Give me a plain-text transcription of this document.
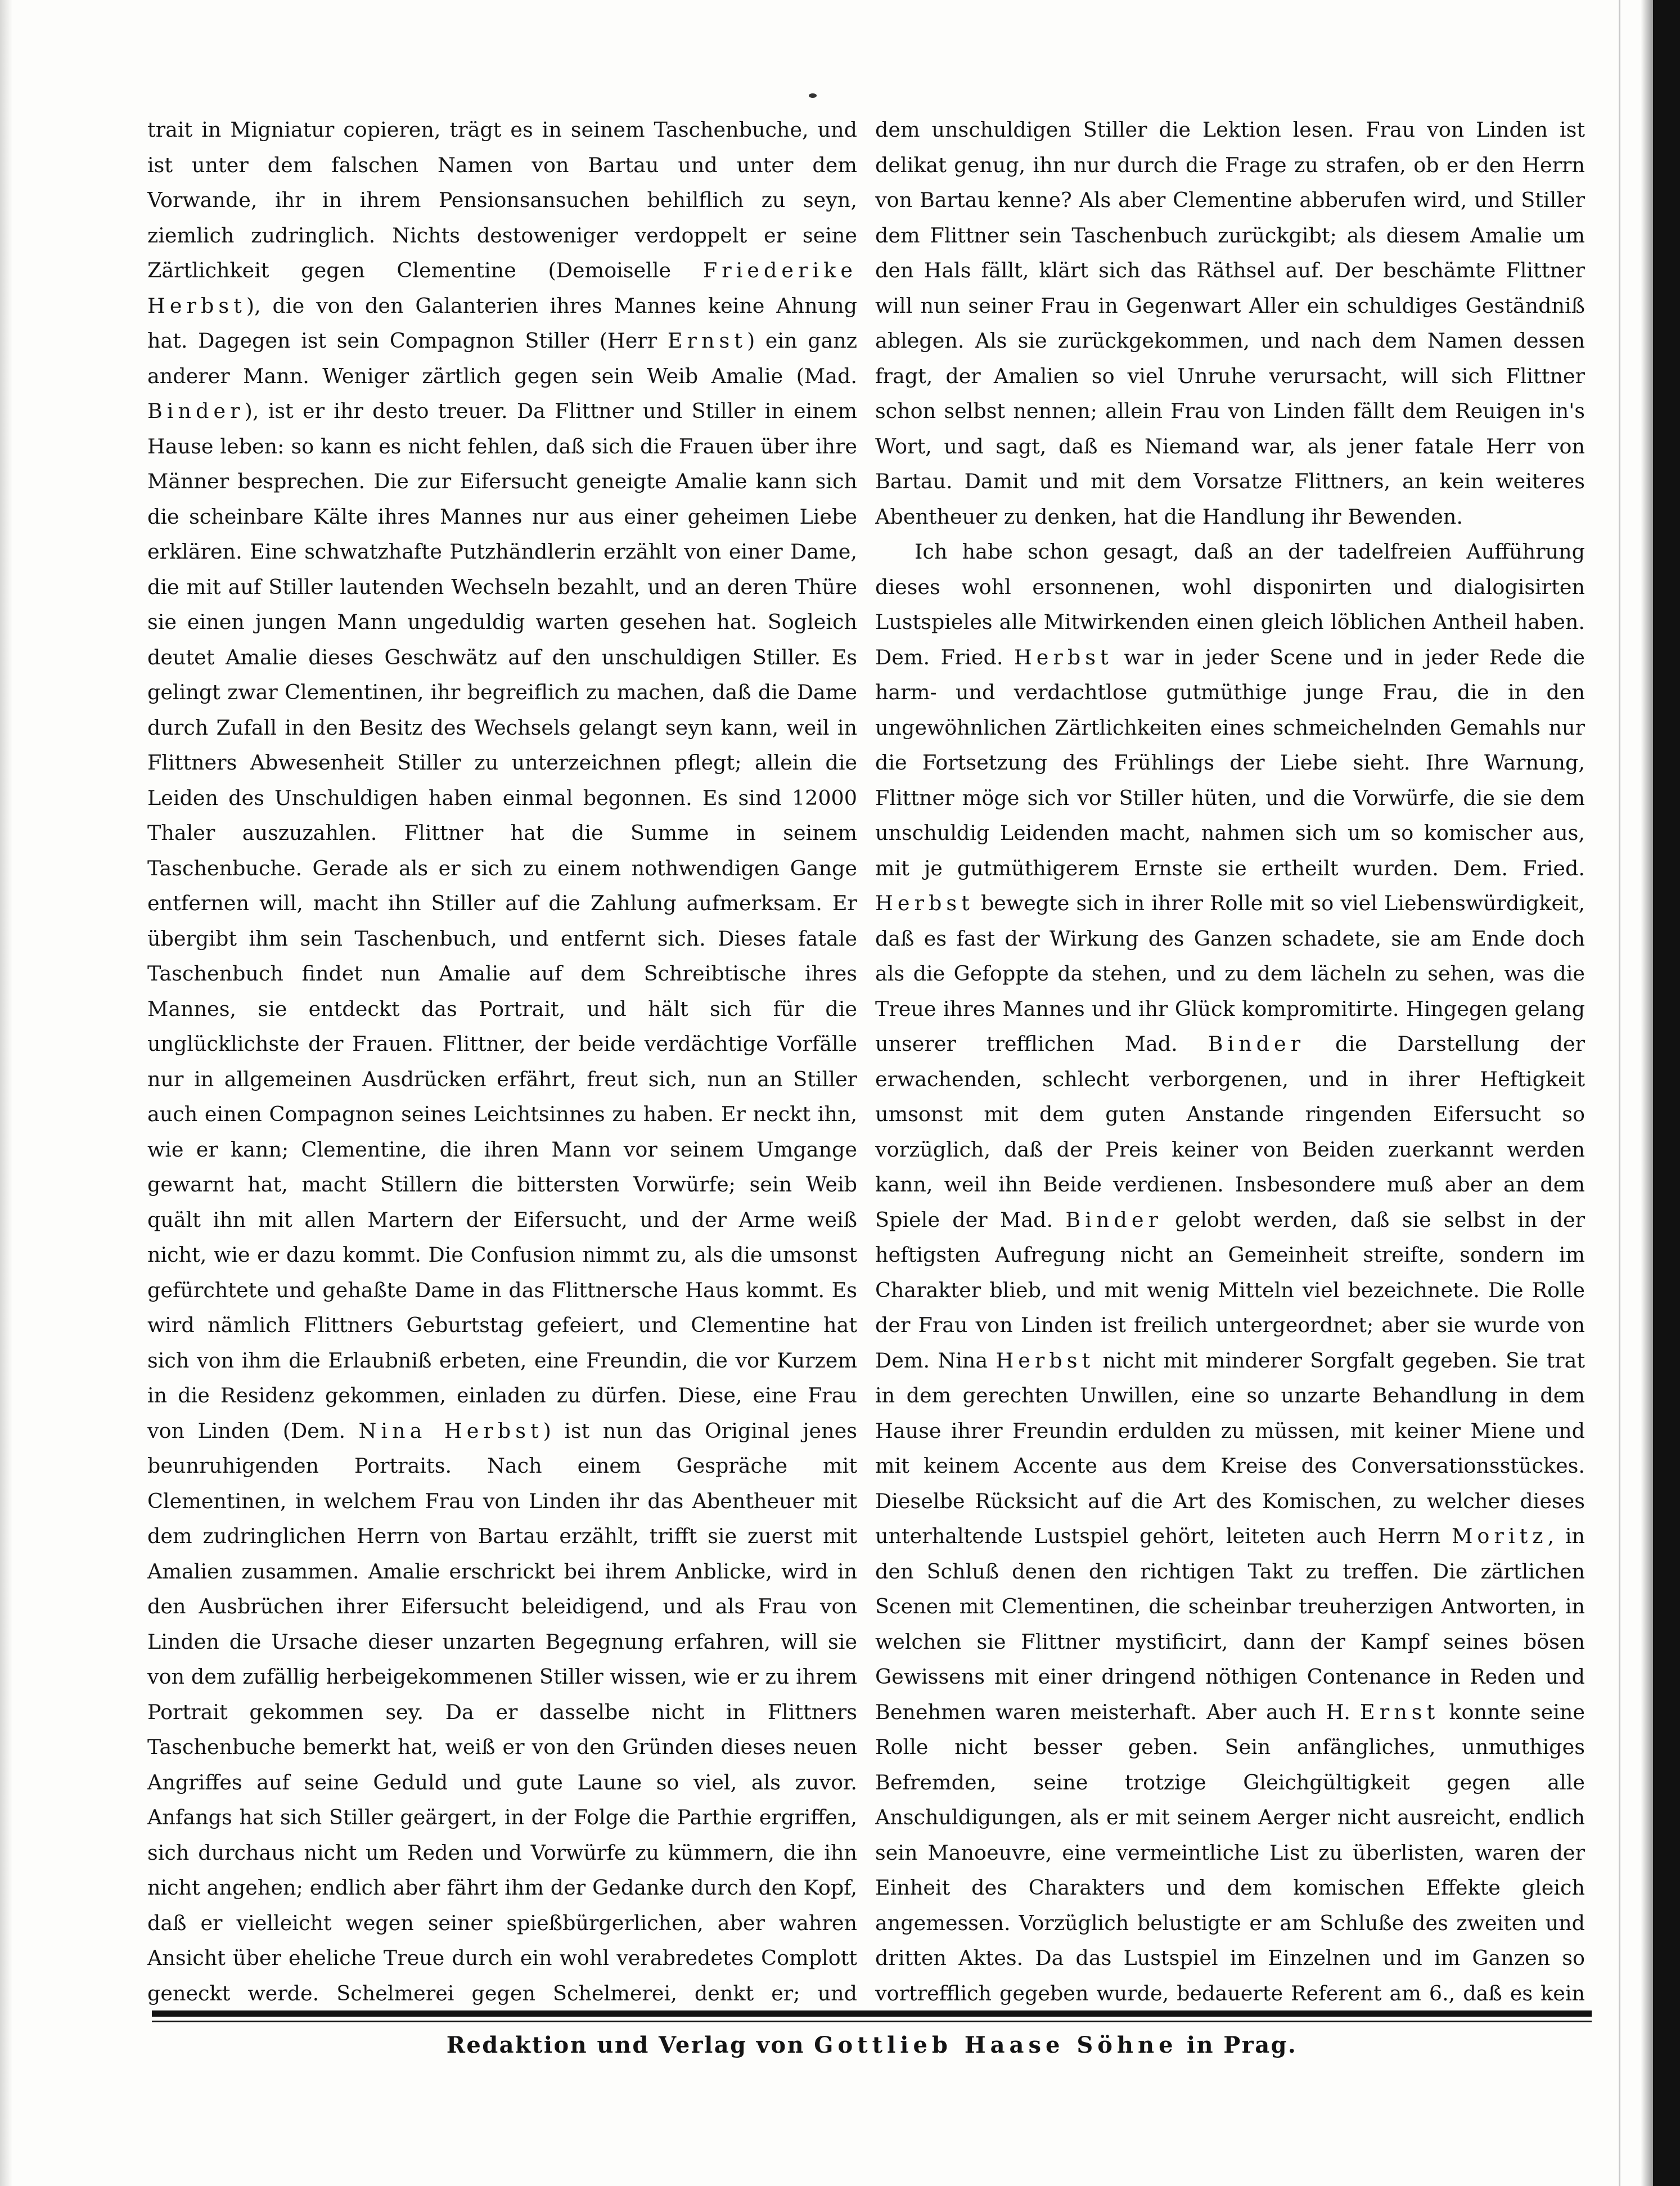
trait in Migniatur copieren, trägt es in seinem Taschenbuche, und ist unter dem falschen Namen von Bartau und unter dem Vorwande, ihr in ihrem Pensionsansuchen behilflich zu seyn, ziemlich zudringlich. Nichts destoweniger verdoppelt er seine Zärtlichkeit gegen Clementine (Demoiselle Friederike Herbst), die von den Galanterien ihres Mannes keine Ahnung hat. Dagegen ist sein Compagnon Stiller (Herr Ernst) ein ganz anderer Mann. Weniger zärtlich gegen sein Weib Amalie (Mad. Binder), ist er ihr desto treuer. Da Flittner und Stiller in einem Hause leben: so kann es nicht fehlen, daß sich die Frauen über ihre Männer besprechen. Die zur Eifersucht geneigte Amalie kann sich die scheinbare Kälte ihres Mannes nur aus einer geheimen Liebe erklären. Eine schwatzhafte Putzhändlerin erzählt von einer Dame, die mit auf Stiller lautenden Wechseln bezahlt, und an deren Thüre sie einen jungen Mann ungeduldig warten gesehen hat. Sogleich deutet Amalie dieses Geschwätz auf den unschuldigen Stiller. Es gelingt zwar Clementinen, ihr begreiflich zu machen, daß die Dame durch Zufall in den Besitz des Wechsels gelangt seyn kann, weil in Flittners Abwesenheit Stiller zu unterzeichnen pflegt; allein die Leiden des Unschuldigen haben einmal begonnen. Es sind 12000 Thaler auszuzahlen. Flittner hat die Summe in seinem Taschenbuche. Gerade als er sich zu einem nothwendigen Gange entfernen will, macht ihn Stiller auf die Zahlung aufmerksam. Er übergibt ihm sein Taschenbuch, und entfernt sich. Dieses fatale Taschenbuch findet nun Amalie auf dem Schreibtische ihres Mannes, sie entdeckt das Portrait, und hält sich für die unglücklichste der Frauen. Flittner, der beide verdächtige Vorfälle nur in allgemeinen Ausdrücken erfährt, freut sich, nun an Stiller auch einen Compagnon seines Leichtsinnes zu haben. Er neckt ihn, wie er kann; Clementine, die ihren Mann vor seinem Umgange gewarnt hat, macht Stillern die bittersten Vorwürfe; sein Weib quält ihn mit allen Martern der Eifersucht, und der Arme weiß nicht, wie er dazu kommt. Die Confusion nimmt zu, als die umsonst gefürchtete und gehaßte Dame in das Flittnersche Haus kommt. Es wird nämlich Flittners Geburtstag gefeiert, und Clementine hat sich von ihm die Erlaubniß erbeten, eine Freundin, die vor Kurzem in die Residenz gekommen, einladen zu dürfen. Diese, eine Frau von Linden (Dem. Nina Herbst) ist nun das Original jenes beunruhigenden Portraits. Nach einem Gespräche mit Clementinen, in welchem Frau von Linden ihr das Abentheuer mit dem zudringlichen Herrn von Bartau erzählt, trifft sie zuerst mit Amalien zusammen. Amalie erschrickt bei ihrem Anblicke, wird in den Ausbrüchen ihrer Eifersucht beleidigend, und als Frau von Linden die Ursache dieser unzarten Begegnung erfahren, will sie von dem zufällig herbeigekommenen Stiller wissen, wie er zu ihrem Portrait gekommen sey. Da er dasselbe nicht in Flittners Taschenbuche bemerkt hat, weiß er von den Gründen dieses neuen Angriffes auf seine Geduld und gute Laune so viel, als zuvor. Anfangs hat sich Stiller geärgert, in der Folge die Parthie ergriffen, sich durchaus nicht um Reden und Vorwürfe zu kümmern, die ihn nicht angehen; endlich aber fährt ihm der Gedanke durch den Kopf, daß er vielleicht wegen seiner spießbürgerlichen, aber wahren Ansicht über eheliche Treue durch ein wohl verabredetes Complott geneckt werde. Schelmerei gegen Schelmerei, denkt er; und

dem unschuldigen Stiller die Lektion lesen. Frau von Linden ist delikat genug, ihn nur durch die Frage zu strafen, ob er den Herrn von Bartau kenne? Als aber Clementine abberufen wird, und Stiller dem Flittner sein Taschenbuch zurückgibt; als diesem Amalie um den Hals fällt, klärt sich das Räthsel auf. Der beschämte Flittner will nun seiner Frau in Gegenwart Aller ein schuldiges Geständniß ablegen. Als sie zurückgekommen, und nach dem Namen dessen fragt, der Amalien so viel Unruhe verursacht, will sich Flittner schon selbst nennen; allein Frau von Linden fällt dem Reuigen in's Wort, und sagt, daß es Niemand war, als jener fatale Herr von Bartau. Damit und mit dem Vorsatze Flittners, an kein weiteres Abentheuer zu denken, hat die Handlung ihr Bewenden.

Ich habe schon gesagt, daß an der tadelfreien Aufführung dieses wohl ersonnenen, wohl disponirten und dialogisirten Lustspieles alle Mitwirkenden einen gleich löblichen Antheil haben. Dem. Fried. Herbst war in jeder Scene und in jeder Rede die harm- und verdachtlose gutmüthige junge Frau, die in den ungewöhnlichen Zärtlichkeiten eines schmeichelnden Gemahls nur die Fortsetzung des Frühlings der Liebe sieht. Ihre Warnung, Flittner möge sich vor Stiller hüten, und die Vorwürfe, die sie dem unschuldig Leidenden macht, nahmen sich um so komischer aus, mit je gutmüthigerem Ernste sie ertheilt wurden. Dem. Fried. Herbst bewegte sich in ihrer Rolle mit so viel Liebenswürdigkeit, daß es fast der Wirkung des Ganzen schadete, sie am Ende doch als die Gefoppte da stehen, und zu dem lächeln zu sehen, was die Treue ihres Mannes und ihr Glück kompromitirte. Hingegen gelang unserer trefflichen Mad. Binder die Darstellung der erwachenden, schlecht verborgenen, und in ihrer Heftigkeit umsonst mit dem guten Anstande ringenden Eifersucht so vorzüglich, daß der Preis keiner von Beiden zuerkannt werden kann, weil ihn Beide verdienen. Insbesondere muß aber an dem Spiele der Mad. Binder gelobt werden, daß sie selbst in der heftigsten Aufregung nicht an Gemeinheit streifte, sondern im Charakter blieb, und mit wenig Mitteln viel bezeichnete. Die Rolle der Frau von Linden ist freilich untergeordnet; aber sie wurde von Dem. Nina Herbst nicht mit minderer Sorgfalt gegeben. Sie trat in dem gerechten Unwillen, eine so unzarte Behandlung in dem Hause ihrer Freundin erdulden zu müssen, mit keiner Miene und mit keinem Accente aus dem Kreise des Conversationsstückes. Dieselbe Rücksicht auf die Art des Komischen, zu welcher dieses unterhaltende Lustspiel gehört, leiteten auch Herrn Moritz, in den Schluß denen den richtigen Takt zu treffen. Die zärtlichen Scenen mit Clementinen, die scheinbar treuherzigen Antworten, in welchen sie Flittner mystificirt, dann der Kampf seines bösen Gewissens mit einer dringend nöthigen Contenance in Reden und Benehmen waren meisterhaft. Aber auch H. Ernst konnte seine Rolle nicht besser geben. Sein anfängliches, unmuthiges Befremden, seine trotzige Gleichgültigkeit gegen alle Anschuldigungen, als er mit seinem Aerger nicht ausreicht, endlich sein Manoeuvre, eine vermeintliche List zu überlisten, waren der Einheit des Charakters und dem komischen Effekte gleich angemessen. Vorzüglich belustigte er am Schluße des zweiten und dritten Aktes. Da das Lustspiel im Einzelnen und im Ganzen so vortrefflich gegeben wurde, bedauerte Referent am 6., daß es kein

Redaktion und Verlag von Gottlieb Haase Söhne in Prag.
